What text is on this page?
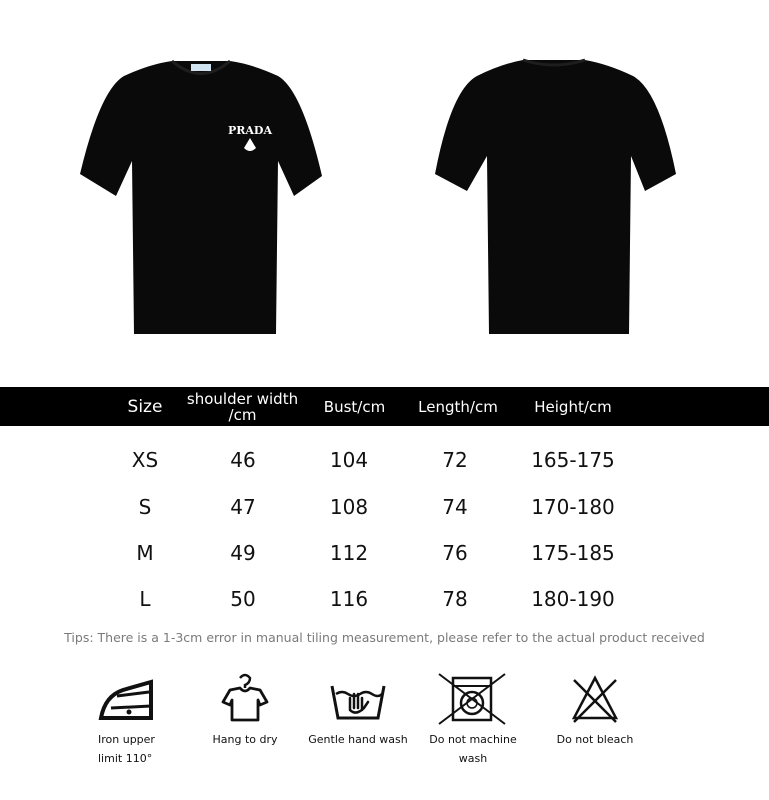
PRADA
Size	shoulder width /cm	Bust/cm	Length/cm	Height/cm
XS	46	104	72	165-175
S	47	108	74	170-180
M	49	112	76	175-185
L	50	116	78	180-190
Tips: There is a 1-3cm error in manual tiling measurement, please refer to the actual product received
Iron upper limit 110°
Hang to dry	Gentle hand wash	Do not machine wash
Do not bleach
